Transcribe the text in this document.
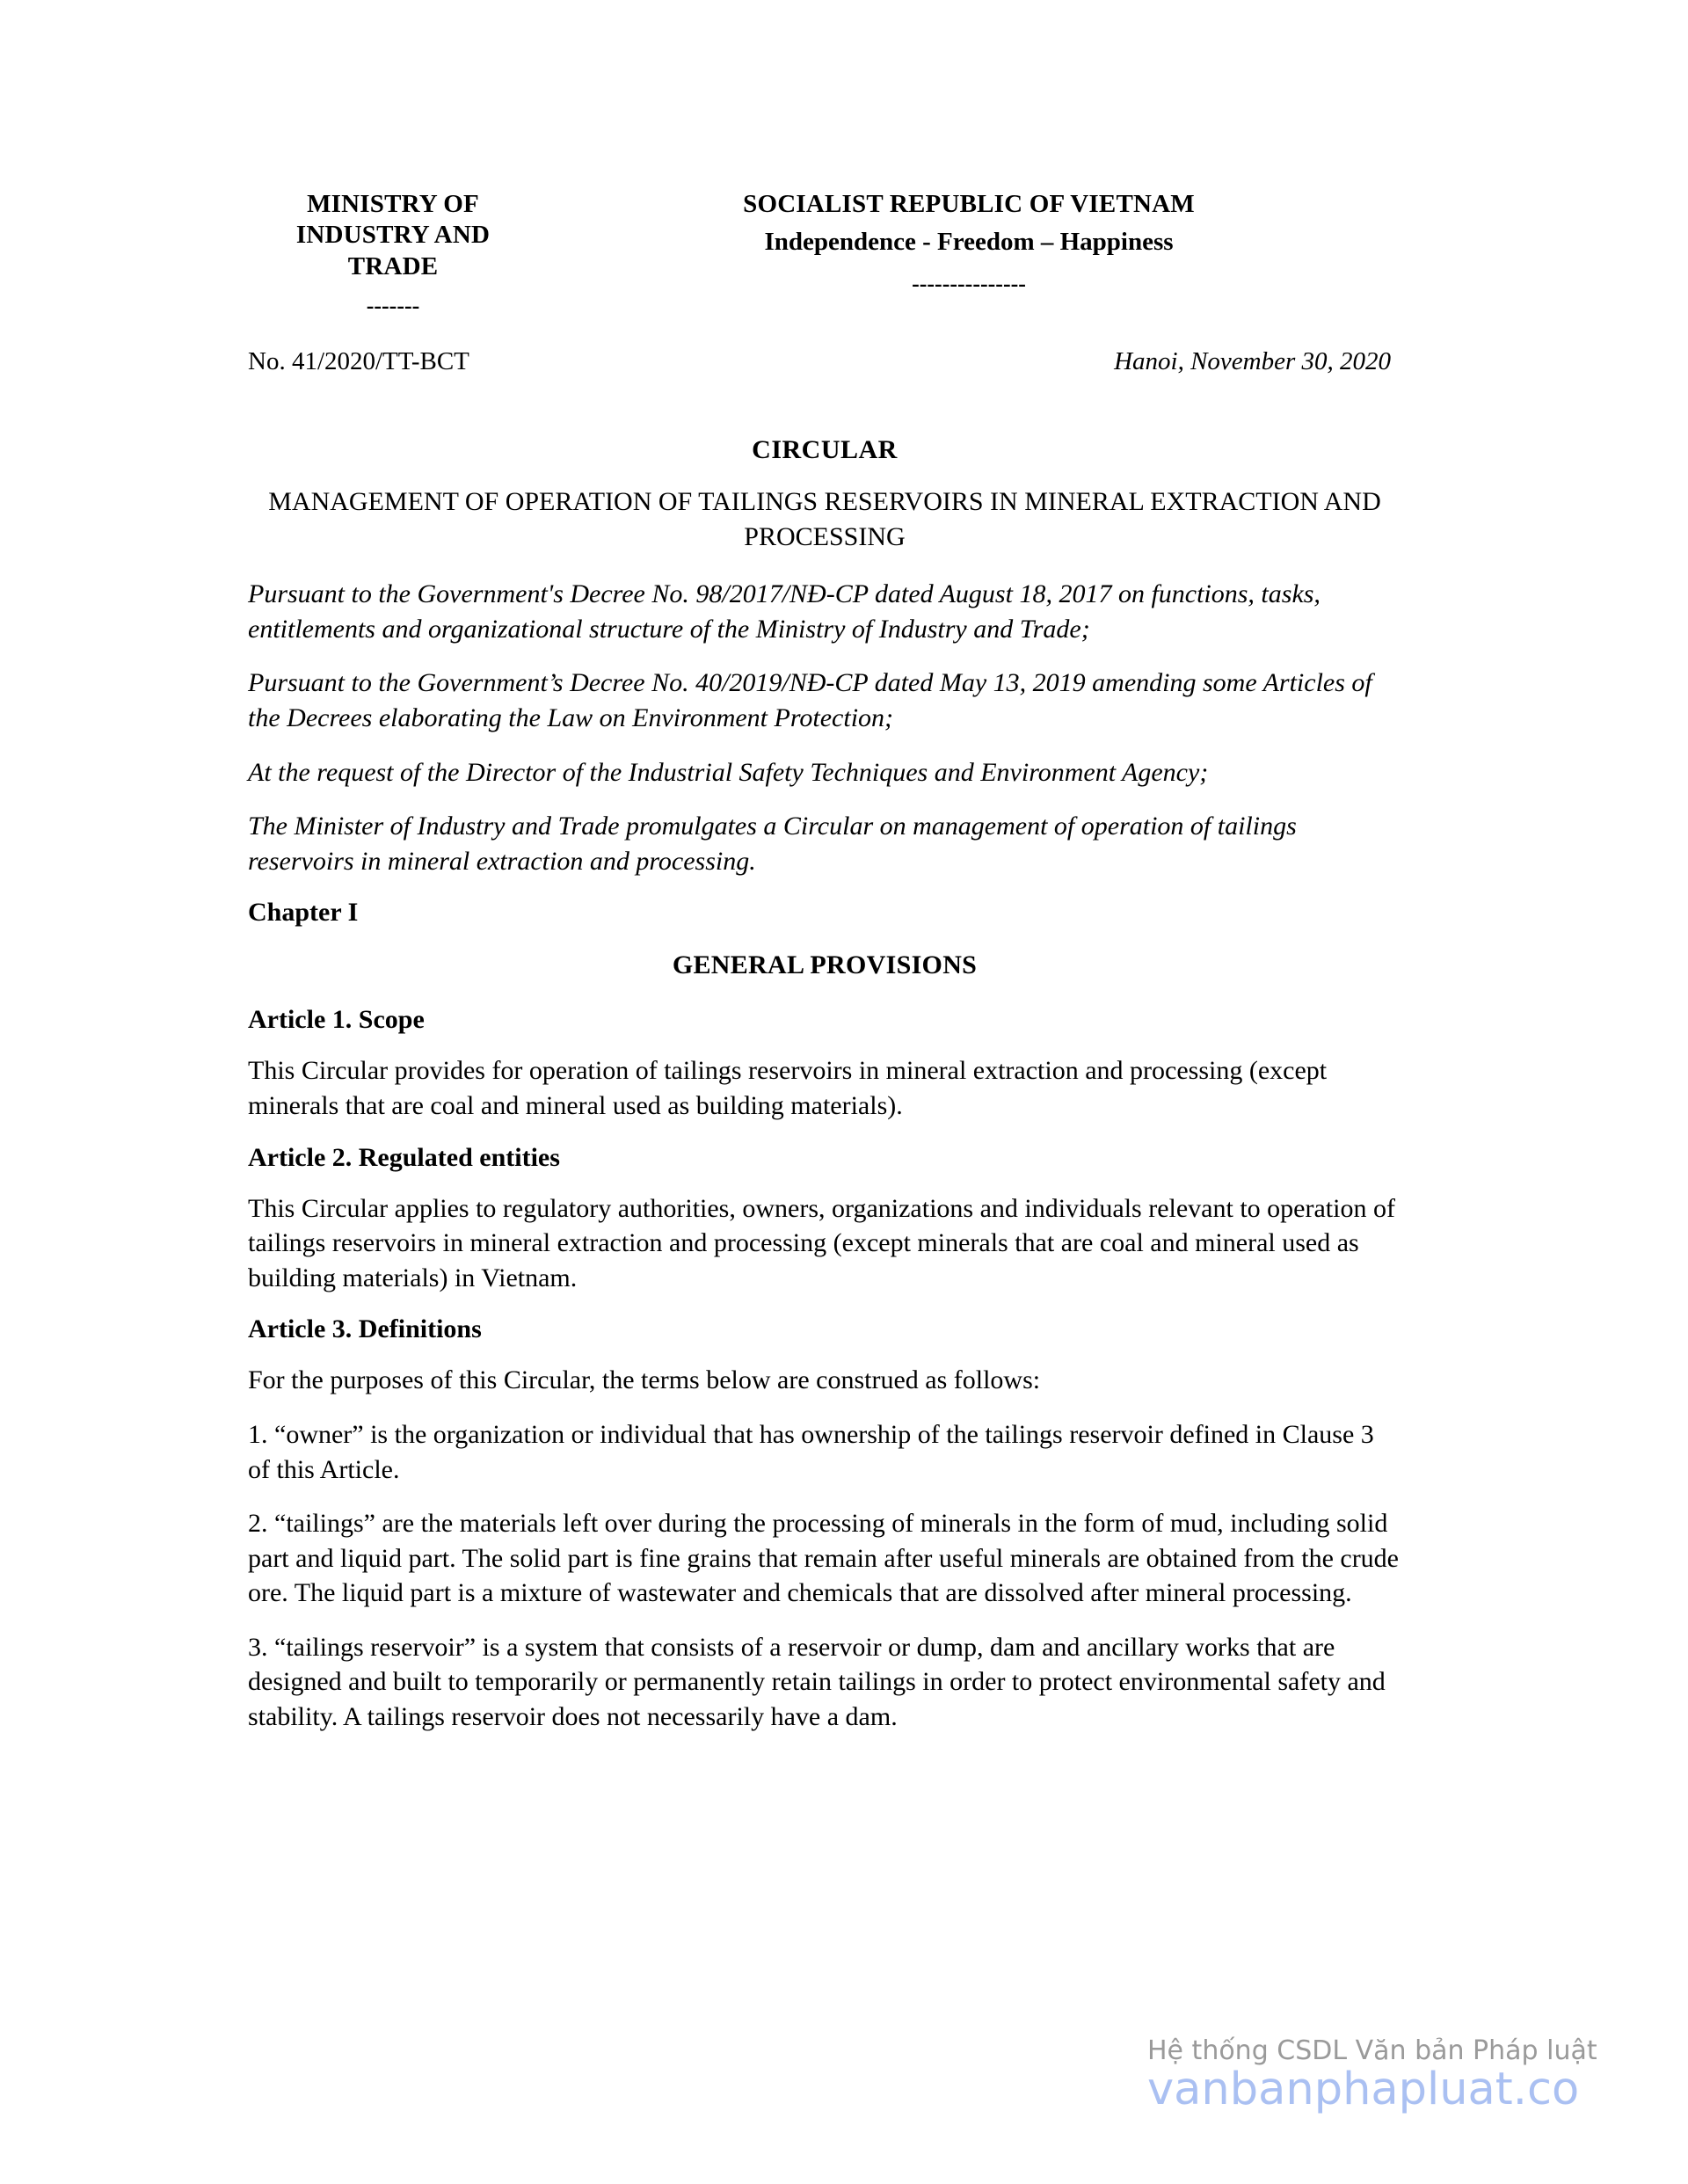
MINISTRY OF
INDUSTRY AND
TRADE
-------
SOCIALIST REPUBLIC OF VIETNAM
Independence - Freedom – Happiness
---------------
No. 41/2020/TT-BCT	Hanoi, November 30, 2020
CIRCULAR
MANAGEMENT OF OPERATION OF TAILINGS RESERVOIRS IN MINERAL EXTRACTION AND PROCESSING

Pursuant to the Government's Decree No. 98/2017/NĐ-CP dated August 18, 2017 on functions, tasks, entitlements and organizational structure of the Ministry of Industry and Trade;

Pursuant to the Government’s Decree No. 40/2019/NĐ-CP dated May 13, 2019 amending some Articles of the Decrees elaborating the Law on Environment Protection;

At the request of the Director of the Industrial Safety Techniques and Environment Agency;

The Minister of Industry and Trade promulgates a Circular on management of operation of tailings reservoirs in mineral extraction and processing.

Chapter I
GENERAL PROVISIONS
Article 1. Scope

This Circular provides for operation of tailings reservoirs in mineral extraction and processing (except minerals that are coal and mineral used as building materials).

Article 2. Regulated entities

This Circular applies to regulatory authorities, owners, organizations and individuals relevant to operation of tailings reservoirs in mineral extraction and processing (except minerals that are coal and mineral used as building materials) in Vietnam.

Article 3. Definitions

For the purposes of this Circular, the terms below are construed as follows:

1. “owner” is the organization or individual that has ownership of the tailings reservoir defined in Clause 3 of this Article.

2. “tailings” are the materials left over during the processing of minerals in the form of mud, including solid part and liquid part. The solid part is fine grains that remain after useful minerals are obtained from the crude ore. The liquid part is a mixture of wastewater and chemicals that are dissolved after mineral processing.

3. “tailings reservoir” is a system that consists of a reservoir or dump, dam and ancillary works that are designed and built to temporarily or permanently retain tailings in order to protect environmental safety and stability. A tailings reservoir does not necessarily have a dam.

Hệ thống CSDL Văn bản Pháp luật
vanbanphapluat.co
